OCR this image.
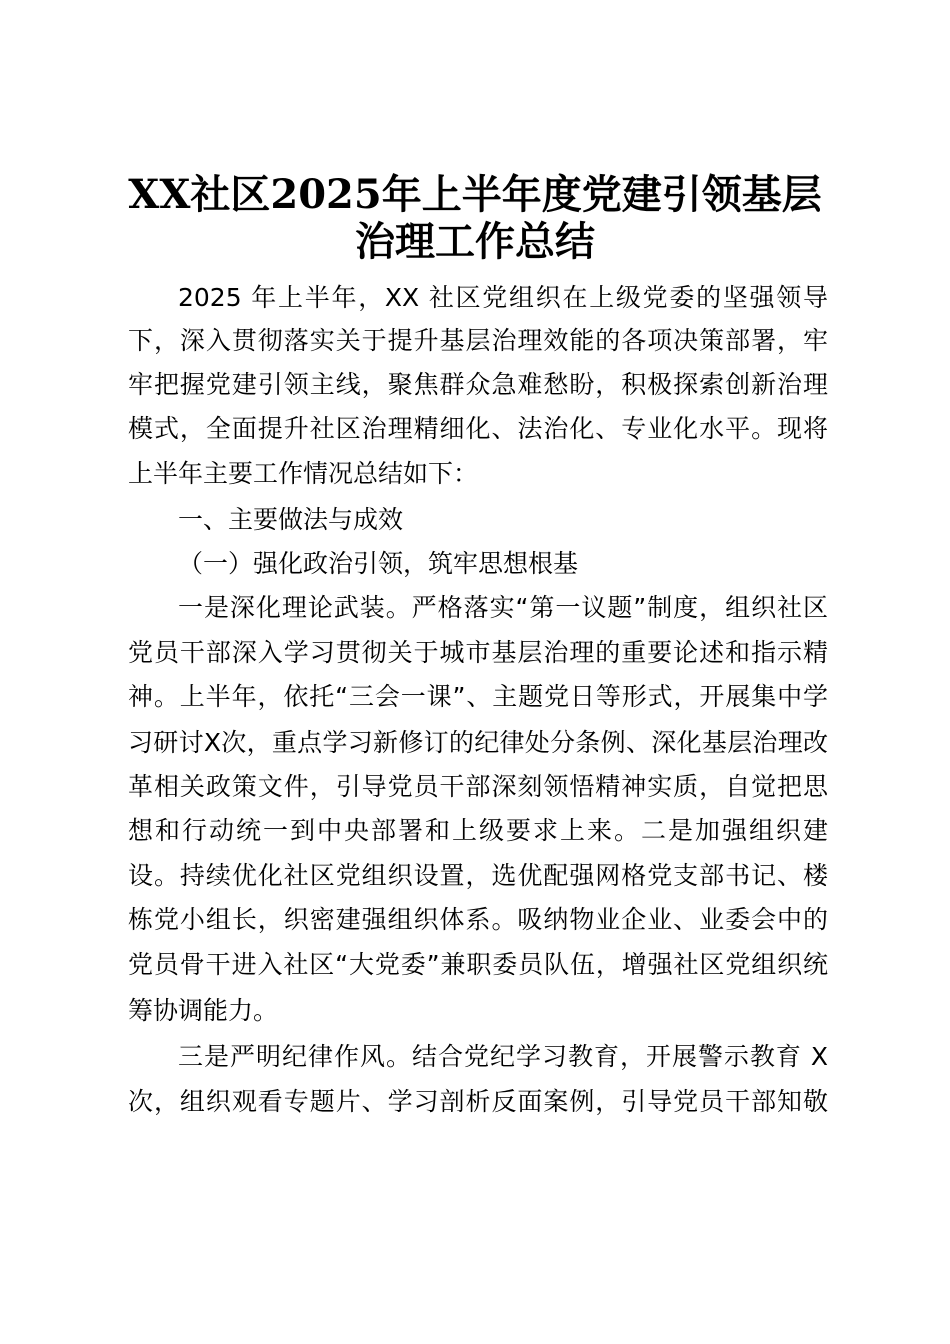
XX社区2025年上半年度党建引领基层
治理工作总结

2025 年上半年，XX 社区党组织在上级党委的坚强领导

下，深入贯彻落实关于提升基层治理效能的各项决策部署，牢

牢把握党建引领主线，聚焦群众急难愁盼，积极探索创新治理

模式，全面提升社区治理精细化、法治化、专业化水平。现将

上半年主要工作情况总结如下：

一、主要做法与成效

（一）强化政治引领，筑牢思想根基

一是深化理论武装。严格落实“第一议题”制度，组织社区

党员干部深入学习贯彻关于城市基层治理的重要论述和指示精

神。上半年，依托“三会一课”、主题党日等形式，开展集中学

习研讨X次，重点学习新修订的纪律处分条例、深化基层治理改

革相关政策文件，引导党员干部深刻领悟精神实质，自觉把思

想和行动统一到中央部署和上级要求上来。二是加强组织建

设。持续优化社区党组织设置，选优配强网格党支部书记、楼

栋党小组长，织密建强组织体系。吸纳物业企业、业委会中的

党员骨干进入社区“大党委”兼职委员队伍，增强社区党组织统

筹协调能力。

三是严明纪律作风。结合党纪学习教育，开展警示教育 X

次，组织观看专题片、学习剖析反面案例，引导党员干部知敬
